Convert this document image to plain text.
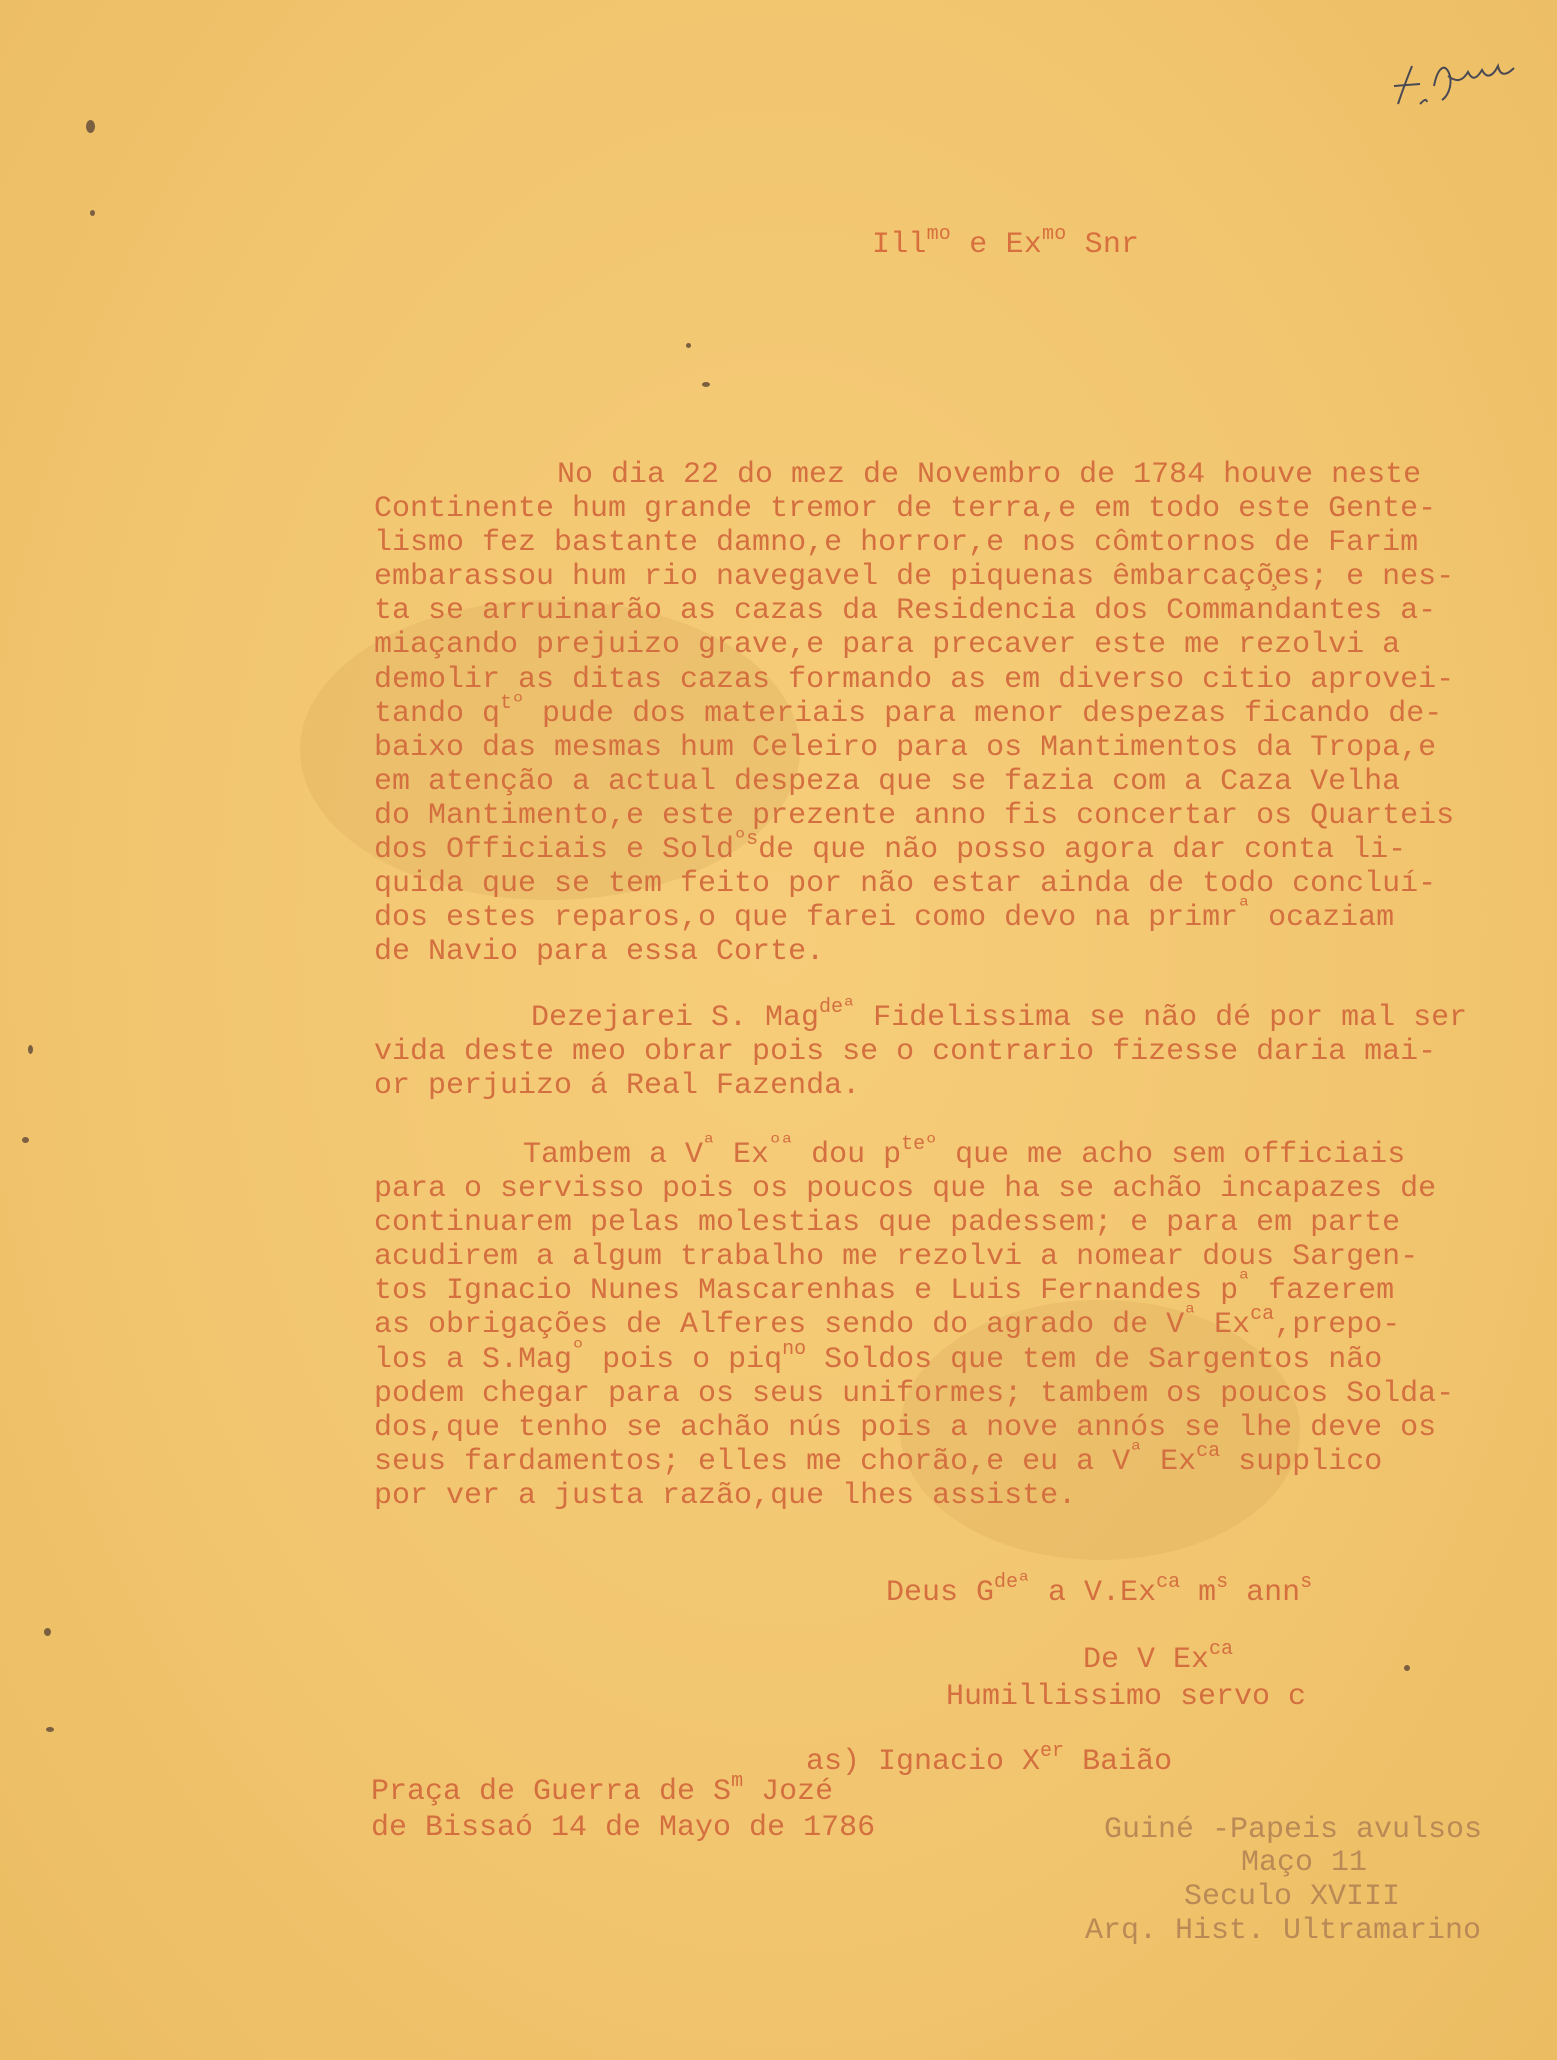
Ill$^{mo}$ e $Ex^{mo}$ Snr
No dia 22 do mez de Novembro de 1784 houve neste
Continente hum grande tremor de terra,e em todo este Gente-
lismo fez bastante damno,e horror,e nos cômtornos de Farim
embarassou hum rio navegavel de piquenas êmbarcaçõ̧es; e nes-
ta se arruinarão as cazas da Residencia dos Commandantes a-
miaçando prejuizo grave,e para precaver este me rezolvi a
demolir as ditas cazas formando as em diverso citio aprovei-
tando $q^{tº}$ pude dos materiais para menor despezas ficando de-
baixo das mesmas hum Celeiro para os Mantimentos da Tropa,e
em atenção a actual despeza que se fazia com a Caza Velha
do Mantimento,e este prezente anno fis concertar os Quarteis
dos Officiais e Sold$^{ºs}$de que não posso agora dar conta li-
quida que se tem feito por não estar ainda de todo concluí-
dos estes reparos,o que farei como devo na primr$^ª$ ocaziam
de Navio para essa Corte.
Dezejarei S. Mag$^{deª}$ Fidelissima se não dé por mal ser
vida deste meo obrar pois se o contrario fizesse daria mai-
or perjuizo á Real Fazenda.
Tambem a $V^ª$ $Ex^{ºª}$ dou $p^{teº}$ que me acho sem officiais
para o servisso pois os poucos que ha se achão incapazes de
continuarem pelas molestias que padessem; e para em parte
acudirem a algum trabalho me rezolvi a nomear dous Sargen-
tos Ignacio Nunes Mascarenhas e Luis Fernandes $p^ª$ fazerem
as obrigações de Alferes sendo do agrado de $V^ª$ $Ex^{ca},prepo-$
los a S.Mag$^º$ pois o piq$^{no}$ Soldos que tem de Sargentos não
podem chegar para os seus uniformes; tambem os poucos Solda-
dos,que tenho se achão nús pois a nove annós se lhe deve os
seus fardamentos; elles me chorão,e eu a $V^ª$ $Ex^{ca}$ supplico
por ver a justa razão,que lhes assiste.
Deus $G^{deª}$ a $V.Ex^{ca}$ $m^s$ ann$^s$
De V $Ex^{ca}$
Humillissimo servo c
as) Ignacio Xer Baião
Praça de Guerra de $S^m$ Jozé
de Bissaó 14 de Mayo de 1786	Guiné -Papeis avulsos
Maço 11
Seculo XVIII
Arq. Hist. Ultramarino
